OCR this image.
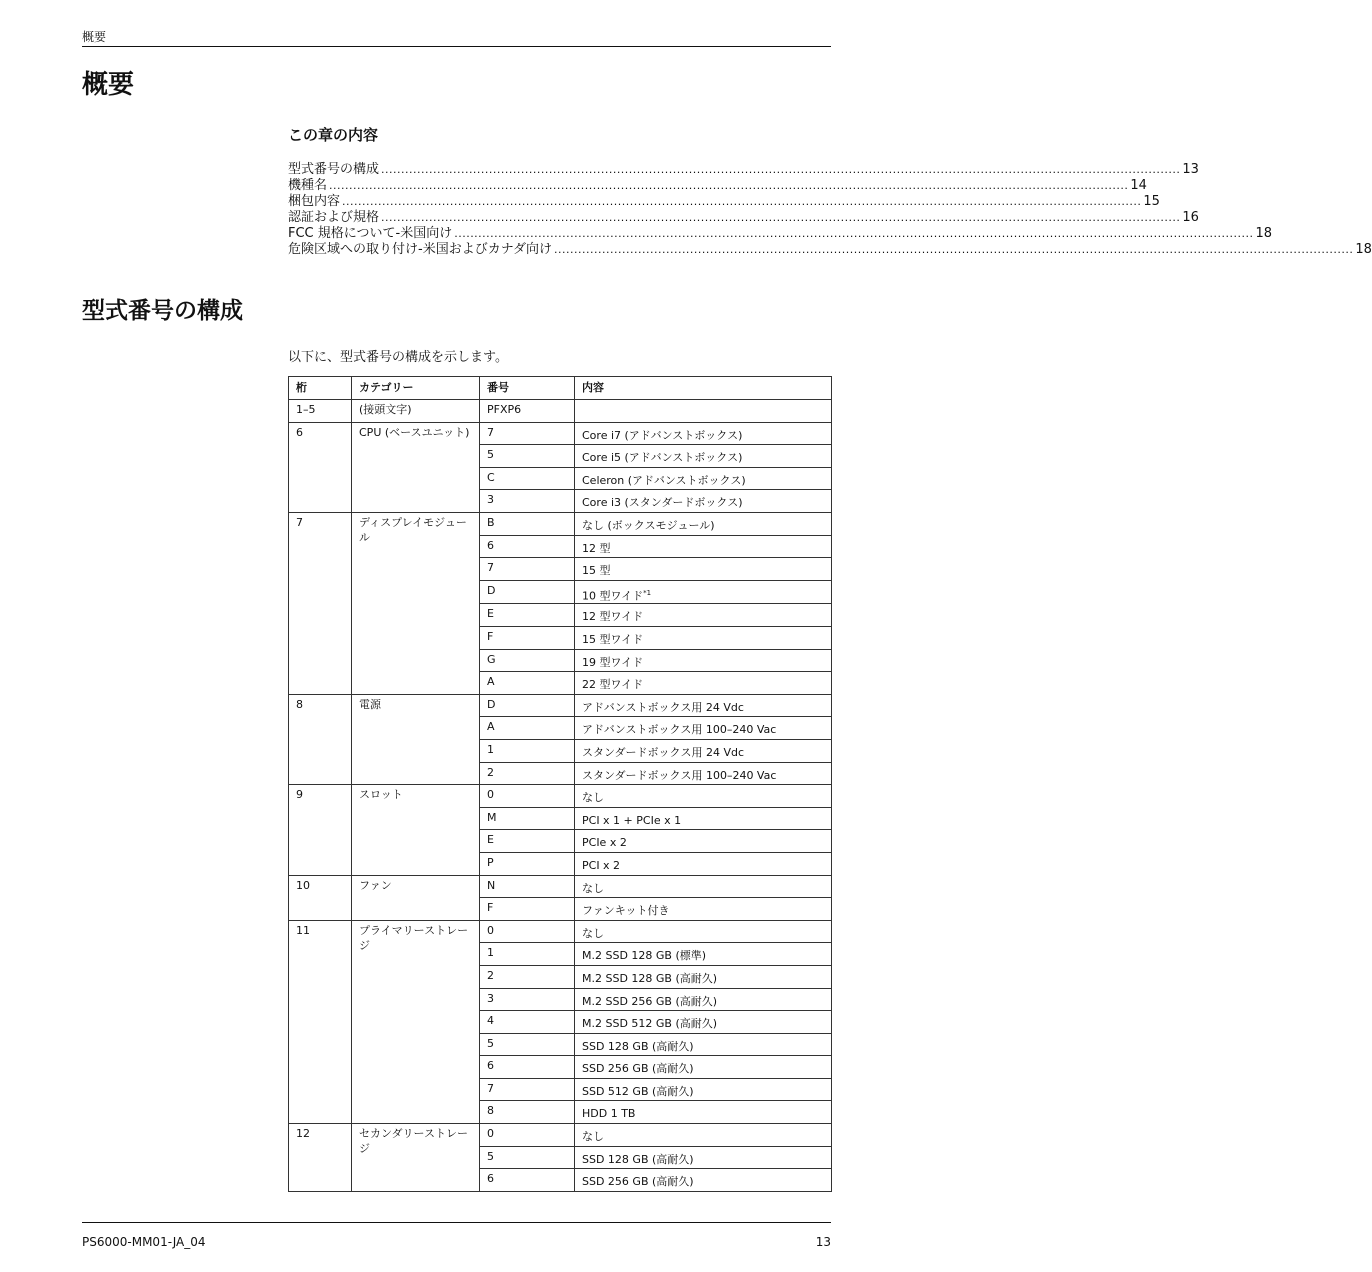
概要
概要
この章の内容
型式番号の構成 ........................................................................................................................................................................................................ 13
機種名 ........................................................................................................................................................................................................ 14
梱包内容 ........................................................................................................................................................................................................ 15
認証および規格 ........................................................................................................................................................................................................ 16
FCC 規格について-米国向け ........................................................................................................................................................................................................ 18
危険区域への取り付け-米国およびカナダ向け ........................................................................................................................................................................................................ 18
型式番号の構成

以下に、型式番号の構成を示します。

桁	カテゴリー	番号	内容
1–5	(接頭文字)	PFXP6	
6	CPU (ベースユニット)	7	Core i7 (アドバンストボックス)
		5	Core i5 (アドバンストボックス)
		C	Celeron (アドバンストボックス)
		3	Core i3 (スタンダードボックス)
7	ディスプレイモジュール	B	なし (ボックスモジュール)
		6	12 型
		7	15 型
		D	10 型ワイド$^{*1}$
		E	12 型ワイド
		F	15 型ワイド
		G	19 型ワイド
		A	22 型ワイド
8	電源	D	アドバンストボックス用 24 Vdc
		A	アドバンストボックス用 100–240 Vac
		1	スタンダードボックス用 24 Vdc
		2	スタンダードボックス用 100–240 Vac
9	スロット	0	なし
		M	PCI x 1 + PCIe x 1
		E	PCIe x 2
		P	PCI x 2
10	ファン	N	なし
		F	ファンキット付き
11	プライマリーストレージ	0	なし
		1	M.2 SSD 128 GB (標準)
		2	M.2 SSD 128 GB (高耐久)
		3	M.2 SSD 256 GB (高耐久)
		4	M.2 SSD 512 GB (高耐久)
		5	SSD 128 GB (高耐久)
		6	SSD 256 GB (高耐久)
		7	SSD 512 GB (高耐久)
		8	HDD 1 TB
12	セカンダリーストレージ	0	なし
		5	SSD 128 GB (高耐久)
		6	SSD 256 GB (高耐久)
PS6000-MM01-JA_04	13
